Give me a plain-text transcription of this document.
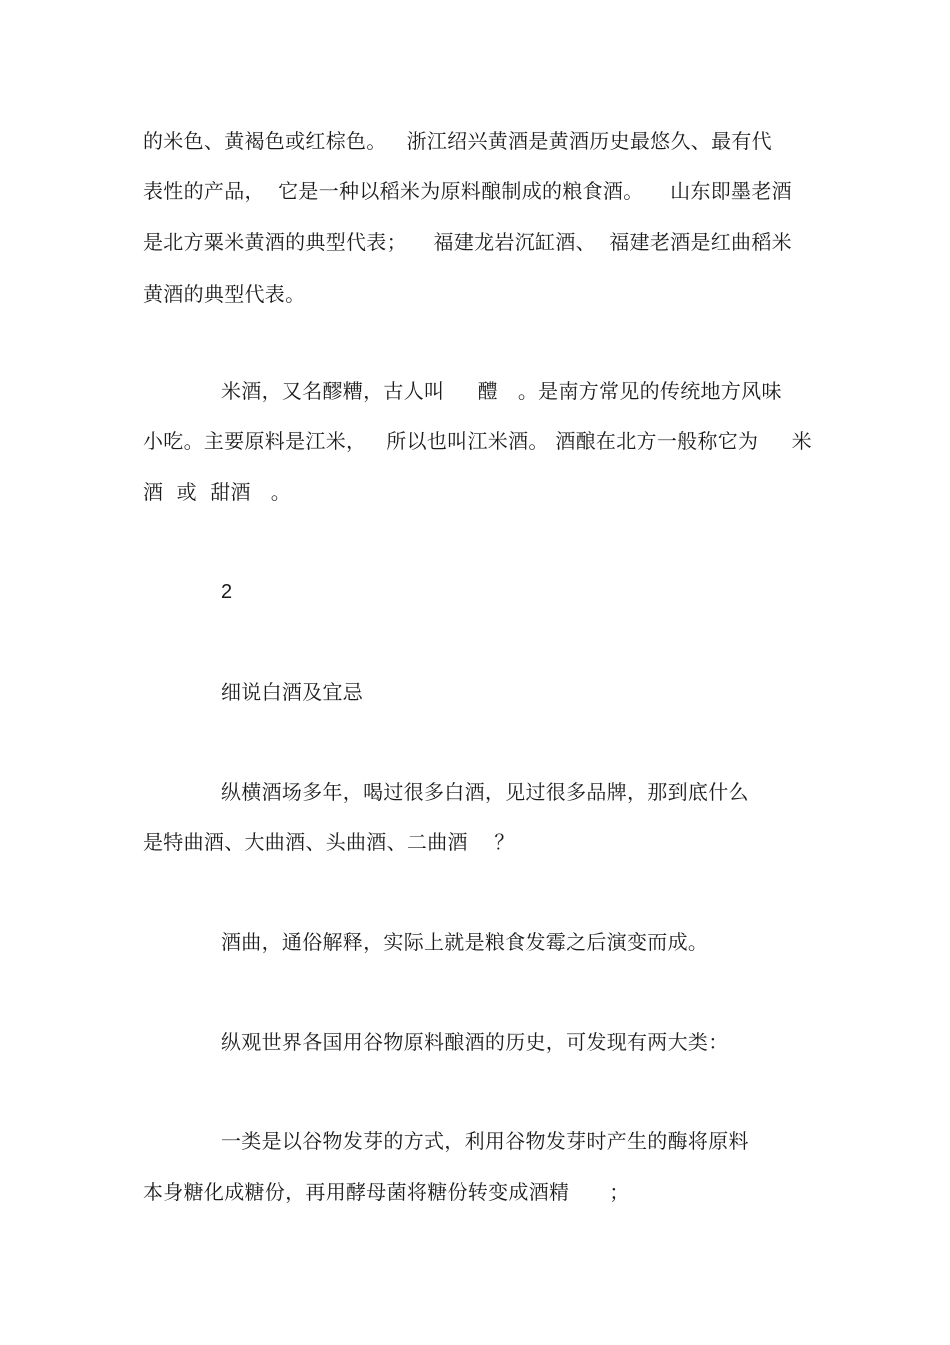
的米色、黄褐色或红棕色。   浙江绍兴黄酒是黄酒历史最悠久、最有代
表性的产品，  它是一种以稻米为原料酿制成的粮食酒。    山东即墨老酒
是北方粟米黄酒的典型代表；    福建龙岩沉缸酒、  福建老酒是红曲稻米
黄酒的典型代表。
米酒，又名醪糟，古人叫     醴   。是南方常见的传统地方风味
小吃。主要原料是江米，   所以也叫江米酒。 酒酿在北方一般称它为     米
酒  或  甜酒   。
2
细说白酒及宜忌
纵横酒场多年，喝过很多白酒，见过很多品牌，那到底什么
是特曲酒、大曲酒、头曲酒、二曲酒    ？
酒曲，通俗解释，实际上就是粮食发霉之后演变而成。
纵观世界各国用谷物原料酿酒的历史，可发现有两大类：
一类是以谷物发芽的方式，利用谷物发芽时产生的酶将原料
本身糖化成糖份，再用酵母菌将糖份转变成酒精      ；
